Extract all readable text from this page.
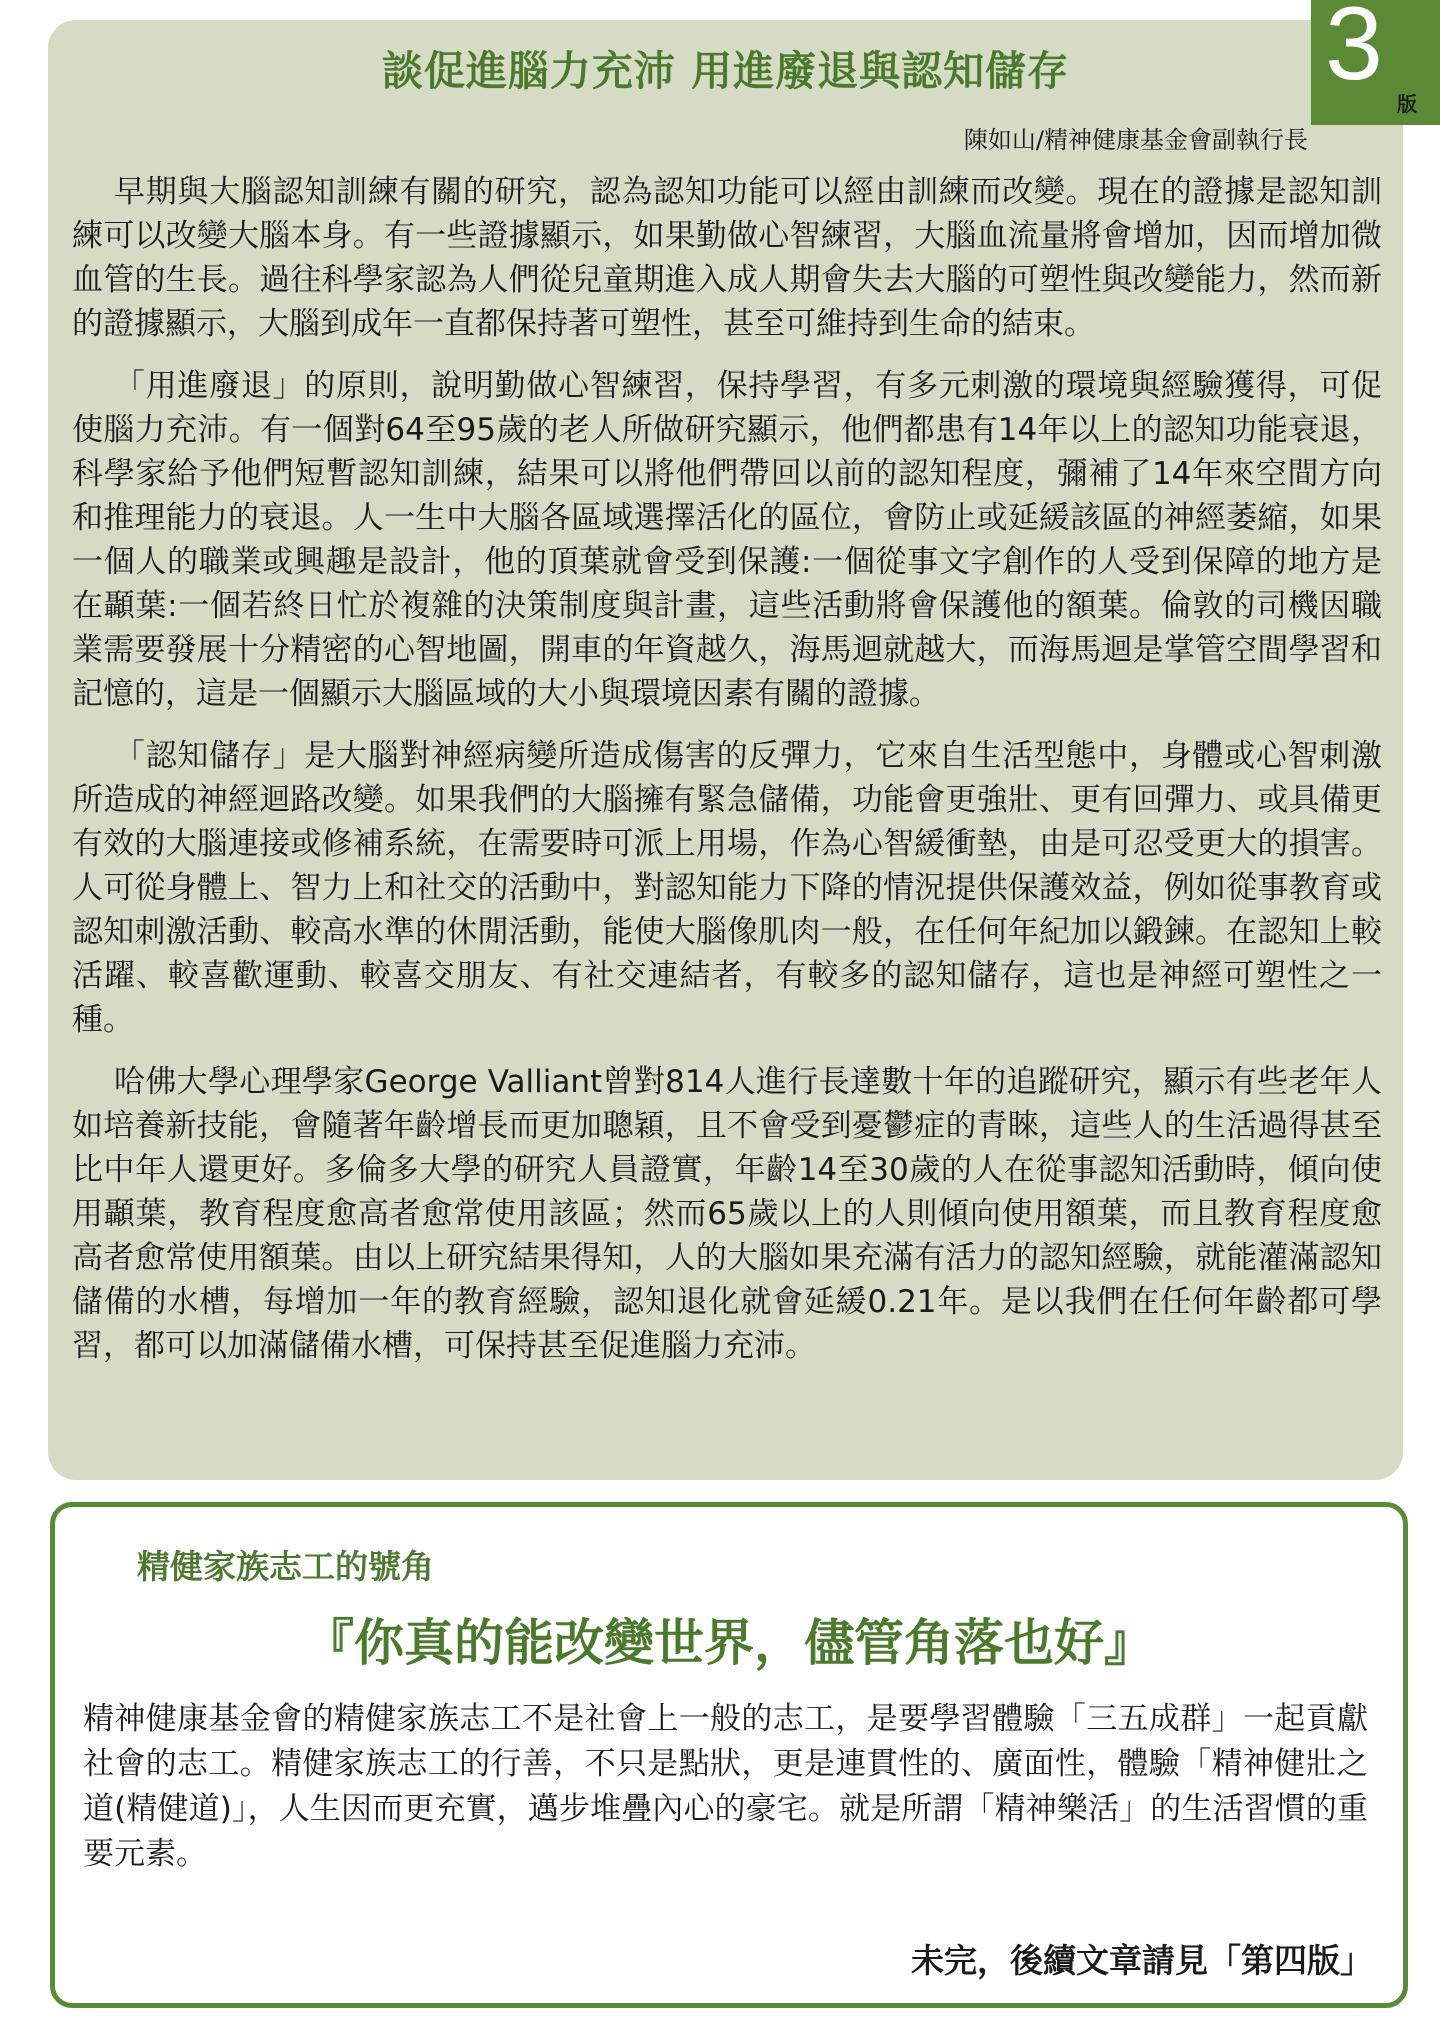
談促進腦力充沛 用進廢退與認知儲存
陳如山/精神健康基金會副執行長

早期與大腦認知訓練有關的研究，認為認知功能可以經由訓練而改變。現在的證據是認知訓練可以改變大腦本身。有一些證據顯示，如果勤做心智練習，大腦血流量將會增加，因而增加微血管的生長。過往科學家認為人們從兒童期進入成人期會失去大腦的可塑性與改變能力，然而新的證據顯示，大腦到成年一直都保持著可塑性，甚至可維持到生命的結束。

「用進廢退」的原則，說明勤做心智練習，保持學習，有多元刺激的環境與經驗獲得，可促使腦力充沛。有一個對64至95歲的老人所做研究顯示，他們都患有14年以上的認知功能衰退，科學家給予他們短暫認知訓練，結果可以將他們帶回以前的認知程度，彌補了14年來空間方向和推理能力的衰退。人一生中大腦各區域選擇活化的區位，會防止或延緩該區的神經萎縮，如果一個人的職業或興趣是設計，他的頂葉就會受到保護:一個從事文字創作的人受到保障的地方是在顳葉:一個若終日忙於複雜的決策制度與計畫，這些活動將會保護他的額葉。倫敦的司機因職業需要發展十分精密的心智地圖，開車的年資越久，海馬迴就越大，而海馬迴是掌管空間學習和記憶的，這是一個顯示大腦區域的大小與環境因素有關的證據。

「認知儲存」是大腦對神經病變所造成傷害的反彈力，它來自生活型態中，身體或心智刺激所造成的神經迴路改變。如果我們的大腦擁有緊急儲備，功能會更強壯、更有回彈力、或具備更有效的大腦連接或修補系統，在需要時可派上用場，作為心智緩衝墊，由是可忍受更大的損害。人可從身體上、智力上和社交的活動中，對認知能力下降的情況提供保護效益，例如從事教育或認知刺激活動、較高水準的休閒活動，能使大腦像肌肉一般，在任何年紀加以鍛鍊。在認知上較活躍、較喜歡運動、較喜交朋友、有社交連結者，有較多的認知儲存，這也是神經可塑性之一種。

哈佛大學心理學家George Valliant曾對814人進行長達數十年的追蹤研究，顯示有些老年人如培養新技能，會隨著年齡增長而更加聰穎，且不會受到憂鬱症的青睞，這些人的生活過得甚至比中年人還更好。多倫多大學的研究人員證實，年齡14至30歲的人在從事認知活動時，傾向使用顳葉，教育程度愈高者愈常使用該區；然而65歲以上的人則傾向使用額葉，而且教育程度愈高者愈常使用額葉。由以上研究結果得知，人的大腦如果充滿有活力的認知經驗，就能灌滿認知儲備的水槽，每增加一年的教育經驗，認知退化就會延緩0.21年。是以我們在任何年齡都可學習，都可以加滿儲備水槽，可保持甚至促進腦力充沛。

3
版
精健家族志工的號角
『你真的能改變世界，儘管角落也好』
精神健康基金會的精健家族志工不是社會上一般的志工，是要學習體驗「三五成群」一起貢獻社會的志工。精健家族志工的行善，不只是點狀，更是連貫性的、廣面性，體驗「精神健壯之道(精健道)」，人生因而更充實，邁步堆疊內心的豪宅。就是所謂「精神樂活」的生活習慣的重要元素。
未完，後續文章請見「第四版」
